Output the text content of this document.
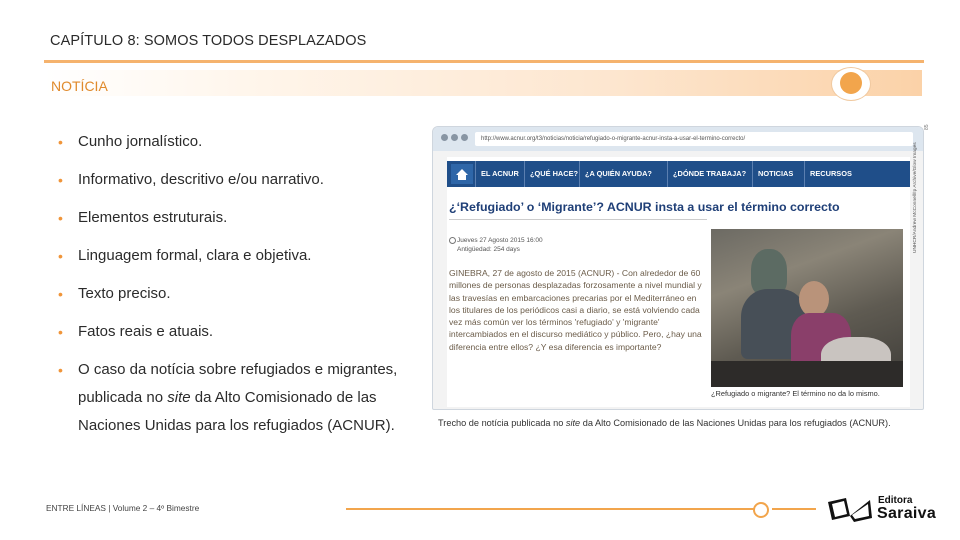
CAPÍTULO 8: SOMOS TODOS DESPLAZADOS
NOTÍCIA
• Cunho jornalístico.
• Informativo, descritivo e/ou narrativo.
• Elementos estruturais.
• Linguagem formal, clara e objetiva.
• Texto preciso.
• Fatos reais e atuais.
• O caso da notícia sobre refugiados e migrantes, publicada no site da Alto Comisionado de las Naciones Unidas para los refugiados (ACNUR).
http://www.acnur.org/t3/noticias/noticia/refugiado-o-migrante-acnur-insta-a-usar-el-termino-correcto/
EL ACNUR	¿QUÉ HACE? ¿A QUIÉN AYUDA?	¿DÓNDE TRABAJA?	NOTICIAS	RECURSOS
¿‘Refugiado’ o ‘Migrante’? ACNUR insta a usar el término correcto
Jueves 27 Agosto 2015 16:00
Antigüedad: 254 days
GINEBRA, 27 de agosto de 2015 (ACNUR) - Con alrededor de 60 millones de personas desplazadas forzosamente a nivel mundial y las travesías en embarcaciones precarias por el Mediterráneo en los titulares de los periódicos casi a diario, se está volviendo cada vez más común ver los términos 'refugiado' y 'migrante' intercambiados en el discurso mediático y público. Pero, ¿hay una diferencia entre ellos? ¿Y esa diferencia es importante?
¿Refugiado o migrante? El término no da lo mismo.
UNHCR/Andrew McConnell/Ip Archive/Glow Images
85
Trecho de notícia publicada no site da Alto Comisionado de las Naciones Unidas para los refugiados (ACNUR).
ENTRE LÍNEAS | Volume 2 – 4º Bimestre
Editora
Saraiva
